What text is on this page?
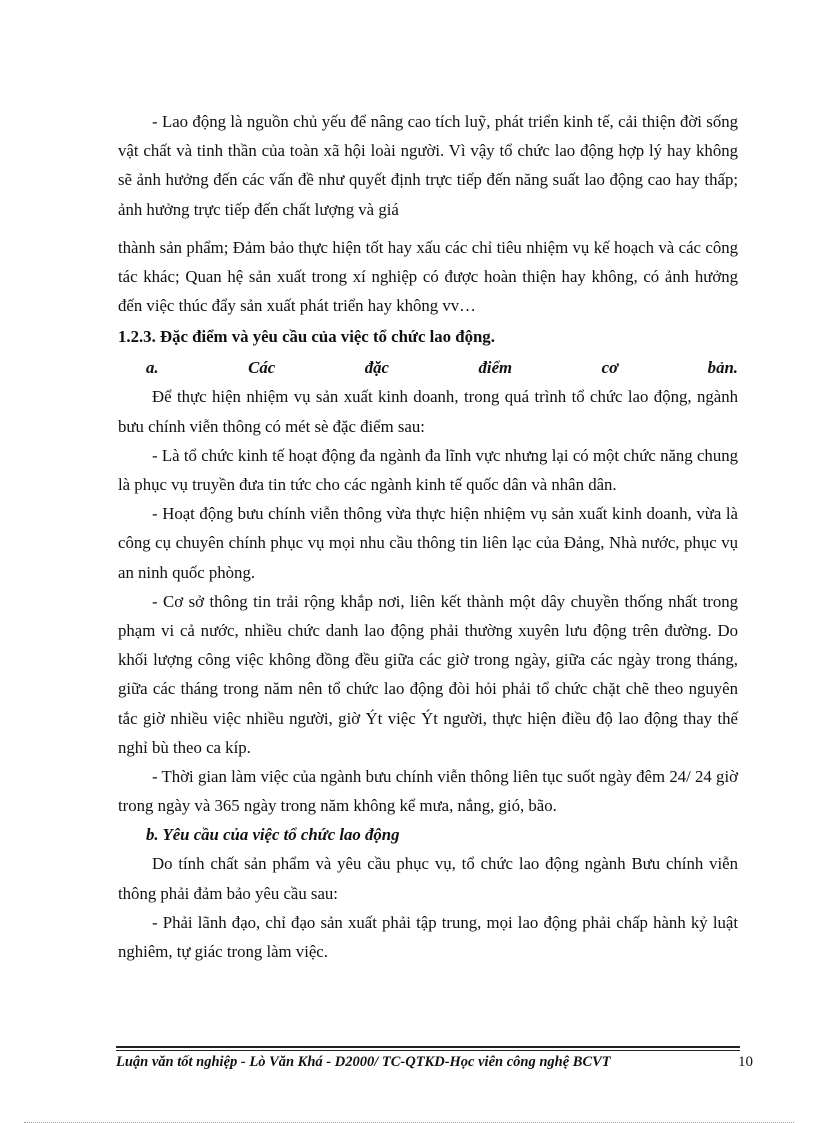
- Lao động là nguồn chủ yếu để nâng cao tích luỹ, phát triển kinh tế, cải thiện đời sống vật chất và tinh thần của toàn xã hội loài người. Vì vậy tổ chức lao động hợp lý hay không sẽ ảnh hưởng đến các vấn đề như quyết định trực tiếp đến năng suất lao động cao hay thấp; ảnh hưởng trực tiếp đến chất lượng và giá

thành sản phẩm; Đảm bảo thực hiện tốt hay xấu các chỉ tiêu nhiệm vụ kế hoạch và các công tác khác; Quan hệ sản xuất trong xí nghiệp có được hoàn thiện hay không, có ảnh hưởng đến việc thúc đẩy sản xuất phát triển hay không vv…

1.2.3. Đặc điểm và yêu cầu của việc tổ chức lao động.

a. Các đặc điểm cơ bản.

Để thực hiện nhiệm vụ sản xuất kinh doanh, trong quá trình tổ chức lao động, ngành bưu chính viễn thông có mét sè đặc điểm sau:

- Là tổ chức kinh tế hoạt động đa ngành đa lĩnh vực nhưng lại có một chức năng chung là phục vụ truyền đưa tin tức cho các ngành kinh tế quốc dân và nhân dân.

- Hoạt động bưu chính viễn thông vừa thực hiện nhiệm vụ sản xuất kinh doanh, vừa là công cụ chuyên chính phục vụ mọi nhu cầu thông tin liên lạc của Đảng, Nhà nước, phục vụ an ninh quốc phòng.

- Cơ sở thông tin trải rộng khắp nơi, liên kết thành một dây chuyền thống nhất trong phạm vi cả nước, nhiều chức danh lao động phải thường xuyên lưu động trên đường. Do khối lượng công việc không đồng đều giữa các giờ trong ngày, giữa các ngày trong tháng, giữa các tháng trong năm nên tổ chức lao động đòi hỏi phải tổ chức chặt chẽ theo nguyên tắc giờ nhiều việc nhiều người, giờ Ýt việc Ýt người, thực hiện điều độ lao động thay thế nghỉ bù theo ca kíp.

- Thời gian làm việc của ngành bưu chính viễn thông liên tục suốt ngày đêm 24/ 24 giờ trong ngày và 365 ngày trong năm không kể mưa, nắng, gió, bão.

b. Yêu cầu của việc tổ chức lao động

Do tính chất sản phẩm và yêu cầu phục vụ, tổ chức lao động ngành Bưu chính viễn thông phải đảm bảo yêu cầu sau:

- Phải lãnh đạo, chỉ đạo sản xuất phải tập trung, mọi lao động phải chấp hành kỷ luật nghiêm, tự giác trong làm việc.

Luận văn tốt nghiệp - Lò Văn Khá - D2000/ TC-QTKD-Học viên công nghệ BCVT	10
